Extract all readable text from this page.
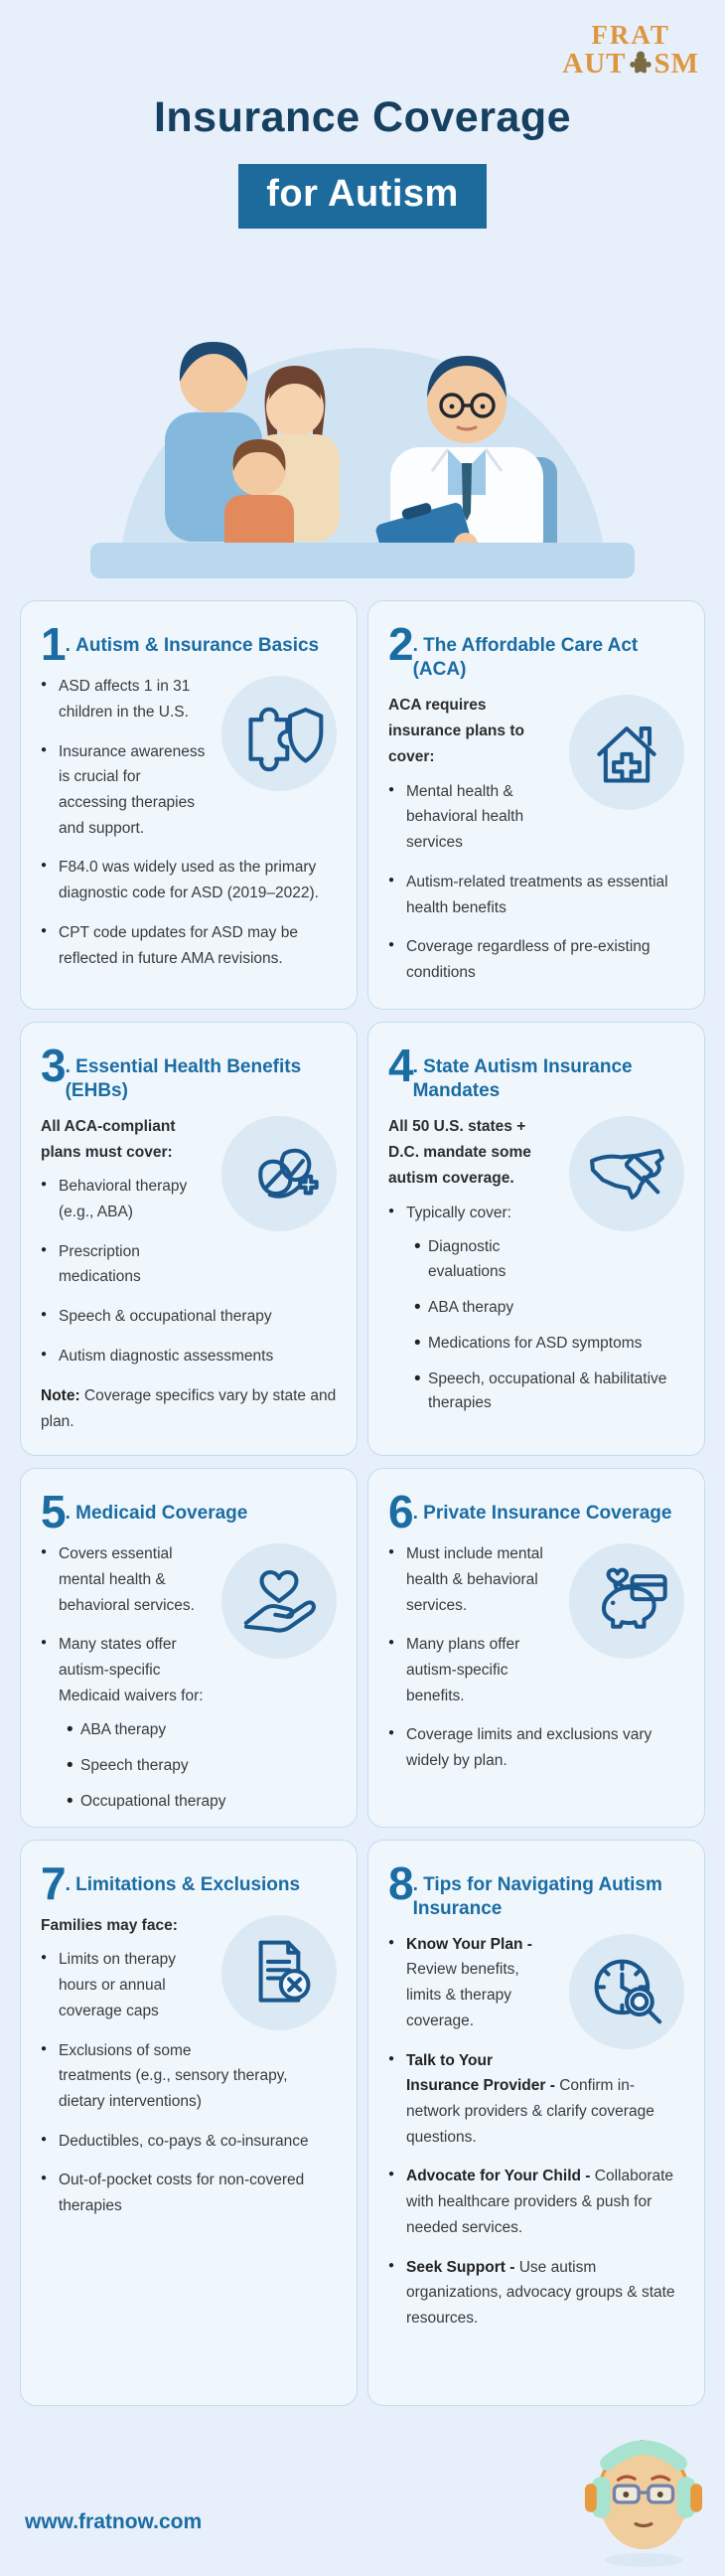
FRAT
AUT SM
Insurance Coverage
for Autism
1 . Autism & Insurance Basics
● ASD affects 1 in 31 children in the U.S.
● Insurance awareness is crucial for accessing therapies and support.
● F84.0 was widely used as the primary diagnostic code for ASD (2019–2022).
● CPT code updates for ASD may be reflected in future AMA revisions.
2 . The Affordable Care Act (ACA)

ACA requires insurance plans to cover:

● Mental health & behavioral health services
● Autism-related treatments as essential health benefits
● Coverage regardless of pre-existing conditions
3 . Essential Health Benefits (EHBs)

All ACA-compliant plans must cover:

● Behavioral therapy (e.g., ABA)
● Prescription medications
● Speech & occupational therapy
● Autism diagnostic assessments

Note: Coverage specifics vary by state and plan.

4 . State Autism Insurance Mandates

All 50 U.S. states + D.C. mandate some autism coverage.

● Typically cover:
• Diagnostic evaluations
• ABA therapy
• Medications for ASD symptoms
• Speech, occupational & habilitative therapies
5 . Medicaid Coverage
● Covers essential mental health & behavioral services.
● Many states offer autism-specific Medicaid waivers for:
• ABA therapy
• Speech therapy
• Occupational therapy
6 . Private Insurance Coverage
● Must include mental health & behavioral services.
● Many plans offer autism-specific benefits.
● Coverage limits and exclusions vary widely by plan.
7 . Limitations & Exclusions

Families may face:

● Limits on therapy hours or annual coverage caps
● Exclusions of some treatments (e.g., sensory therapy, dietary interventions)
● Deductibles, co-pays & co-insurance
● Out-of-pocket costs for non-covered therapies
8 . Tips for Navigating Autism Insurance
● Know Your Plan - Review benefits, limits & therapy coverage.
● Talk to Your Insurance Provider - Confirm in-network providers & clarify coverage questions.
● Advocate for Your Child - Collaborate with healthcare providers & push for needed services.
● Seek Support - Use autism organizations, advocacy groups & state resources.
www.fratnow.com
